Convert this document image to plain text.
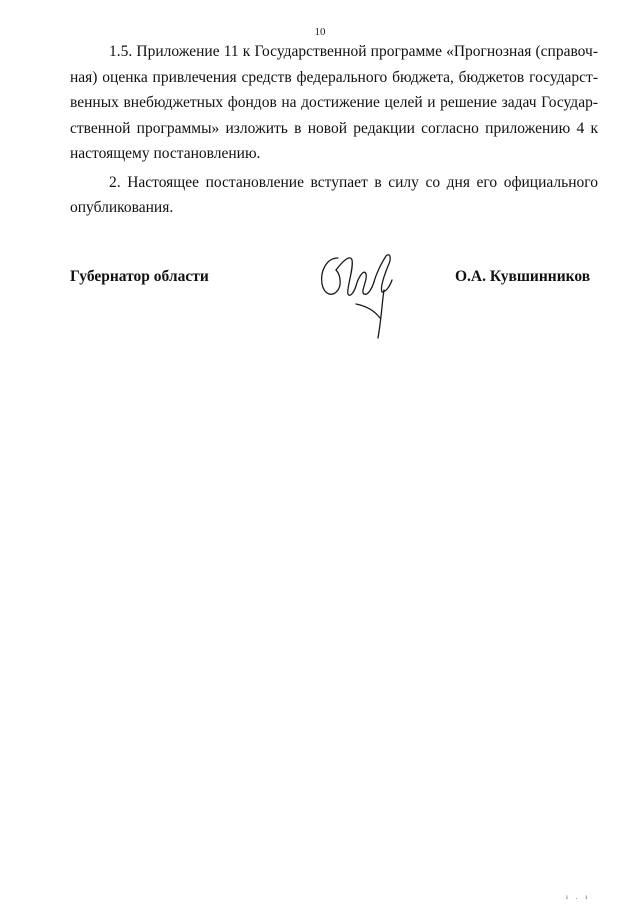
10

1.5. Приложение 11 к Государственной программе «Прогнозная (справочная) оценка привлечения средств федерального бюджета, бюджетов государственных внебюджетных фондов на достижение целей и решение задач Государственной программы» изложить в новой редакции согласно приложению 4 к настоящему постановлению.

2. Настоящее постановление вступает в силу со дня его официального опубликования.

Губернатор области	О.А. Кувшинников
ı . ı
